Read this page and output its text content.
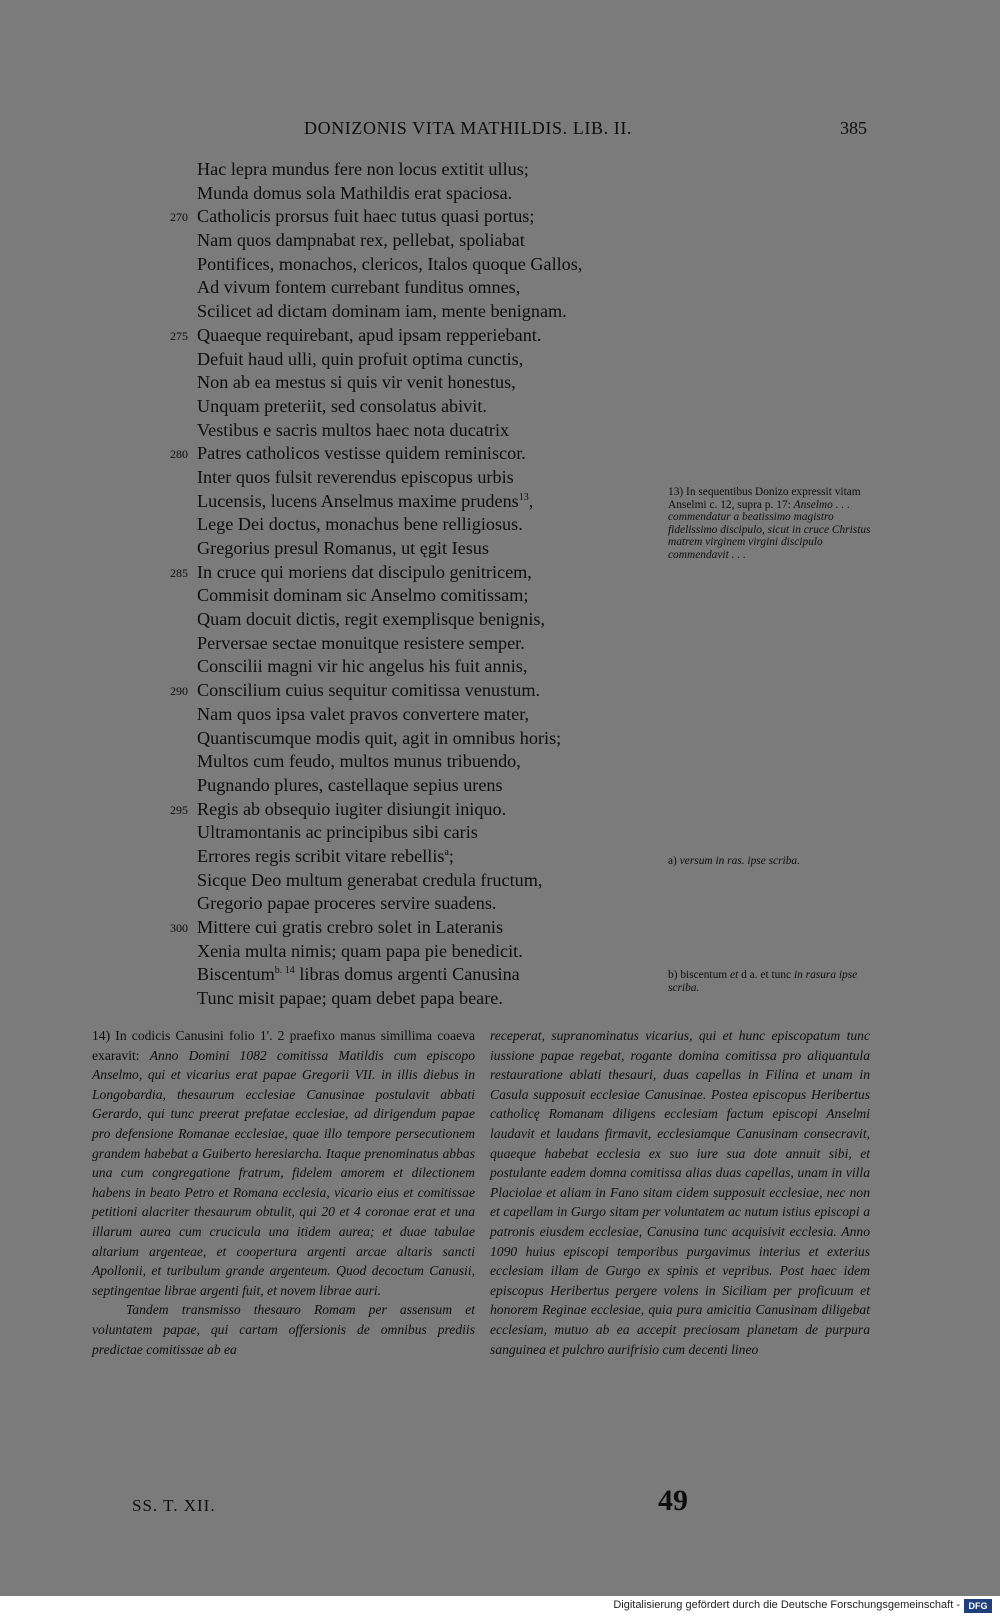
DONIZONIS VITA MATHILDIS. LIB. II.	385
Hac lepra mundus fere non locus extitit ullus;
Munda domus sola Mathildis erat spaciosa.
270 Catholicis prorsus fuit haec tutus quasi portus;
Nam quos dampnabat rex, pellebat, spoliabat
Pontifices, monachos, clericos, Italos quoque Gallos,
Ad vivum fontem currebant funditus omnes,
Scilicet ad dictam dominam iam, mente benignam.
275 Quaeque requirebant, apud ipsam repperiebant.
Defuit haud ulli, quin profuit optima cunctis,
Non ab ea mestus si quis vir venit honestus,
Unquam preteriit, sed consolatus abivit.
Vestibus e sacris multos haec nota ducatrix
280 Patres catholicos vestisse quidem reminiscor.
Inter quos fulsit reverendus episcopus urbis
Lucensis, lucens Anselmus maxime prudens$^{13}$,
Lege Dei doctus, monachus bene relligiosus.
Gregorius presul Romanus, ut ęgit Iesus
285 In cruce qui moriens dat discipulo genitricem,
Commisit dominam sic Anselmo comitissam;
Quam docuit dictis, regit exemplisque benignis,
Perversae sectae monuitque resistere semper.
Conscilii magni vir hic angelus his fuit annis,
290 Conscilium cuius sequitur comitissa venustum.
Nam quos ipsa valet pravos convertere mater,
Quantiscumque modis quit, agit in omnibus horis;
Multos cum feudo, multos munus tribuendo,
Pugnando plures, castellaque sepius urens
295 Regis ab obsequio iugiter disiungit iniquo.
Ultramontanis ac principibus sibi caris
Errores regis scribit vitare rebellis$^a$;
Sicque Deo multum generabat credula fructum,
Gregorio papae proceres servire suadens.
300 Mittere cui gratis crebro solet in Lateranis
Xenia multa nimis; quam papa pie benedicit.
Biscentum$^{b. 14}$ libras domus argenti Canusina
Tunc misit papae; quam debet papa beare.
13) In sequentibus Donizo expressit vitam Anselmi c. 12, supra p. 17: Anselmo . . . commendatur a beatissimo magistro fidelissimo discipulo, sicut in cruce Christus matrem virginem virgini discipulo commendavit . . .
a) versum in ras. ipse scriba.
b) biscentum et d a. et tunc in rasura ipse scriba.

14) In codicis Canusini folio 1'. 2 praefixo manus simillima coaeva exaravit: Anno Domini 1082 comitissa Matildis cum episcopo Anselmo, qui et vicarius erat papae Gregorii VII. in illis diebus in Longobardia, thesaurum ecclesiae Canusinae postulavit abbati Gerardo, qui tunc preerat prefatae ecclesiae, ad dirigendum papae pro defensione Romanae ecclesiae, quae illo tempore persecutionem grandem habebat a Guiberto heresiarcha. Itaque prenominatus abbas una cum congregatione fratrum, fidelem amorem et dilectionem habens in beato Petro et Romana ecclesia, vicario eius et comitissae petitioni alacriter thesaurum obtulit, qui 20 et 4 coronae erat et una illarum aurea cum crucicula una itidem aurea; et duae tabulae altarium argenteae, et coopertura argenti arcae altaris sancti Apollonii, et turibulum grande argenteum. Quod decoctum Canusii, septingentae librae argenti fuit, et novem librae auri.

Tandem transmisso thesauro Romam per assensum et voluntatem papae, qui cartam offersionis de omnibus prediis predictae comitissae ab ea

receperat, supranominatus vicarius, qui et hunc episcopatum tunc iussione papae regebat, rogante domina comitissa pro aliquantula restauratione ablati thesauri, duas capellas in Filina et unam in Casula supposuit ecclesiae Canusinae. Postea episcopus Heribertus catholicę Romanam diligens ecclesiam factum episcopi Anselmi laudavit et laudans firmavit, ecclesiamque Canusinam consecravit, quaeque habebat ecclesia ex suo iure sua dote annuit sibi, et postulante eadem domna comitissa alias duas capellas, unam in villa Placiolae et aliam in Fano sitam cidem supposuit ecclesiae, nec non et capellam in Gurgo sitam per voluntatem ac nutum istius episcopi a patronis eiusdem ecclesiae, Canusina tunc acquisivit ecclesia. Anno 1090 huius episcopi temporibus purgavimus interius et exterius ecclesiam illam de Gurgo ex spinis et vepribus. Post haec idem episcopus Heribertus pergere volens in Siciliam per proficuum et honorem Reginae ecclesiae, quia pura amicitia Canusinam diligebat ecclesiam, mutuo ab ea accepit preciosam planetam de purpura sanguinea et pulchro aurifrisio cum decenti lineo

SS. T. XII.	49
Digitalisierung gefördert durch die Deutsche Forschungsgemeinschaft - DFG
